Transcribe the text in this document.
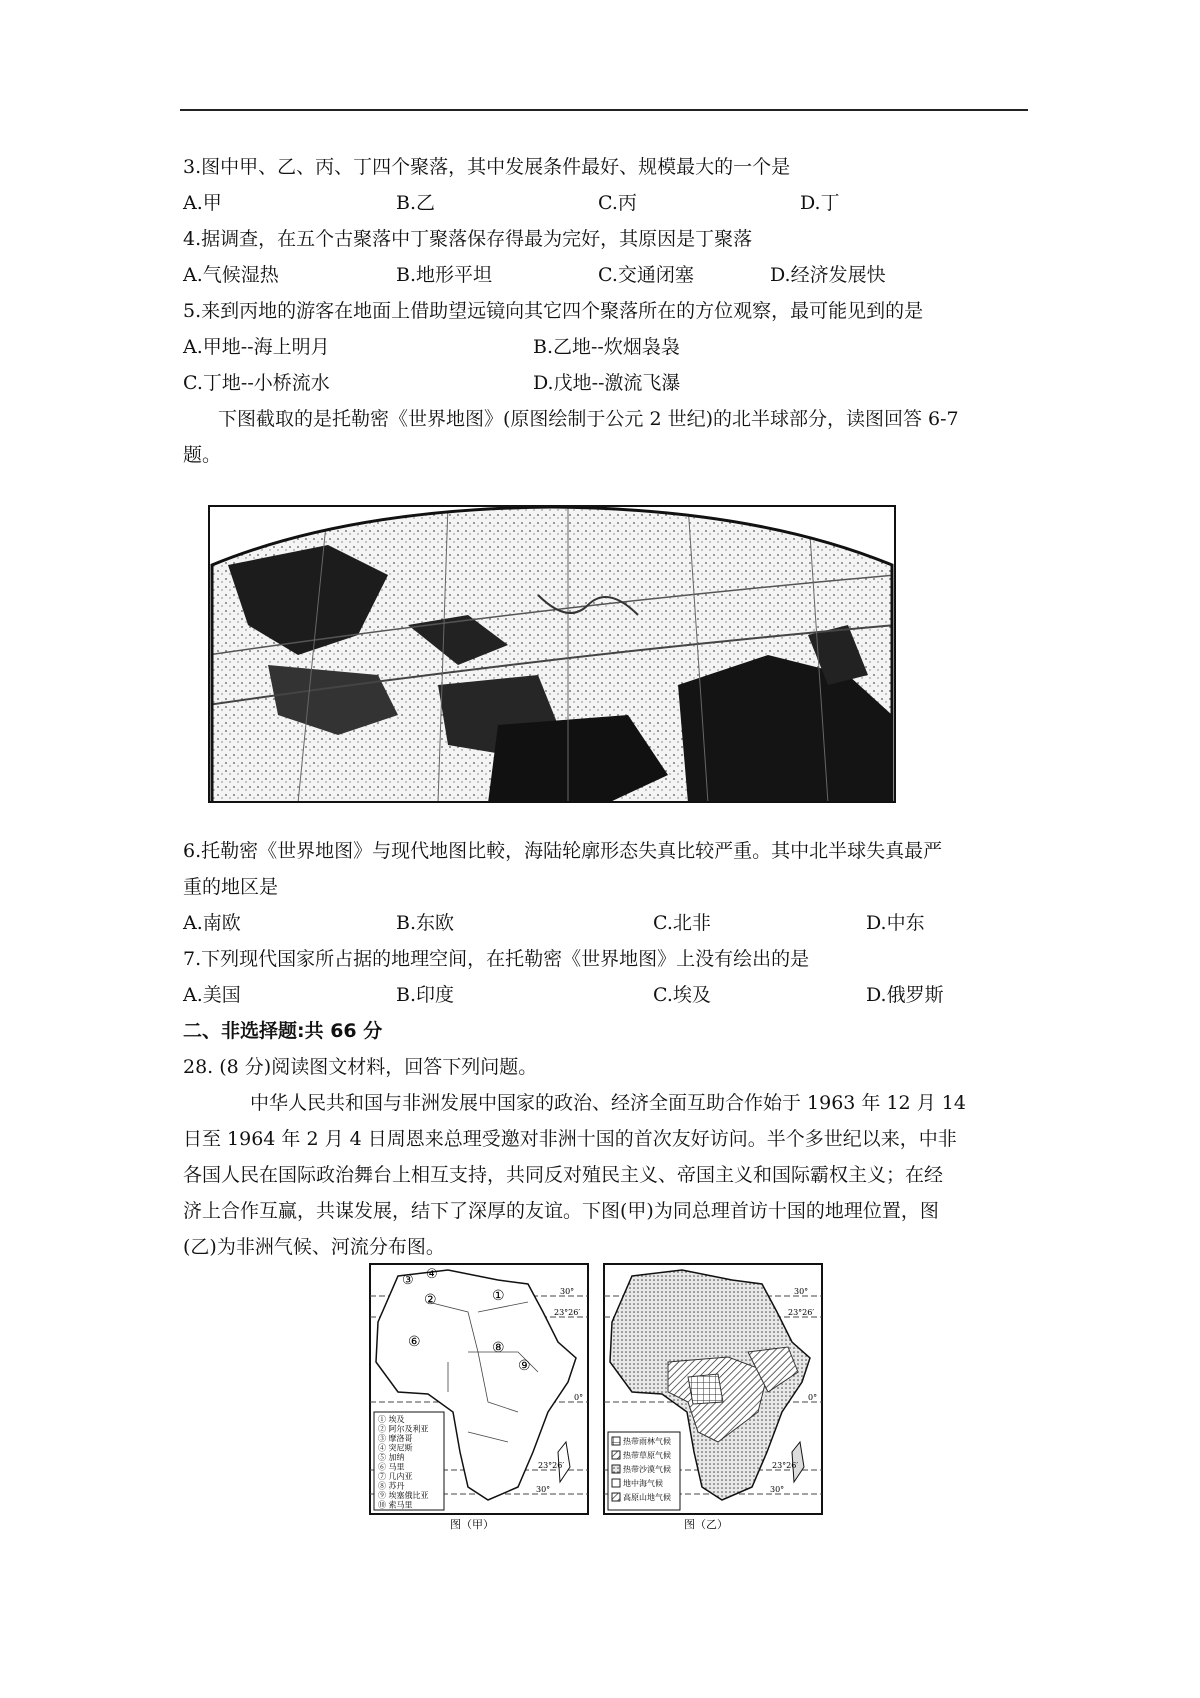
3.图中甲、乙、丙、丁四个聚落，其中发展条件最好、规模最大的一个是
A.甲	B.乙	C.丙	D.丁
4.据调查，在五个古聚落中丁聚落保存得最为完好，其原因是丁聚落
A.气候湿热	B.地形平坦	C.交通闭塞	D.经济发展快
5.来到丙地的游客在地面上借助望远镜向其它四个聚落所在的方位观察，最可能见到的是
A.甲地--海上明月	B.乙地--炊烟袅袅
C.丁地--小桥流水	D.戊地--激流飞瀑
下图截取的是托勒密《世界地图》(原图绘制于公元 2 世纪)的北半球部分，读图回答 6-7
题。
6.托勒密《世界地图》与现代地图比較，海陆轮廓形态失真比较严重。其中北半球失真最严
重的地区是
A.南欧	B.东欧	C.北非	D.中东
7.下列现代国家所占据的地理空间，在托勒密《世界地图》上没有绘出的是
A.美国	B.印度	C.埃及	D.俄罗斯
二、非选择题:共 66 分
28. (8 分)阅读图文材料，回答下列问题。
中华人民共和国与非洲发展中国家的政治、经济全面互助合作始于 1963 年 12 月 14
日至 1964 年 2 月 4 日周恩来总理受邀对非洲十国的首次友好访问。半个多世纪以来，中非
各国人民在国际政治舞台上相互支持，共同反对殖民主义、帝国主义和国际霸权主义；在经
济上合作互赢，共谋发展，结下了深厚的友谊。下图(甲)为同总理首访十国的地理位置，图
(乙)为非洲气候、河流分布图。
④
③
②	①
⑥	⑧
⑨
30°
23°26′
0°
23°26′
30°
① 埃及
② 阿尔及利亚
③ 摩洛哥
④ 突尼斯
⑤ 加纳
⑥ 马里
⑦ 几内亚
⑧ 苏丹
⑨ 埃塞俄比亚
⑩ 索马里
图（甲）
热带雨林气候
热带草原气候
热带沙漠气候
地中海气候
高原山地气候
30°
23°26′
0°
23°26′
30°
图（乙）
